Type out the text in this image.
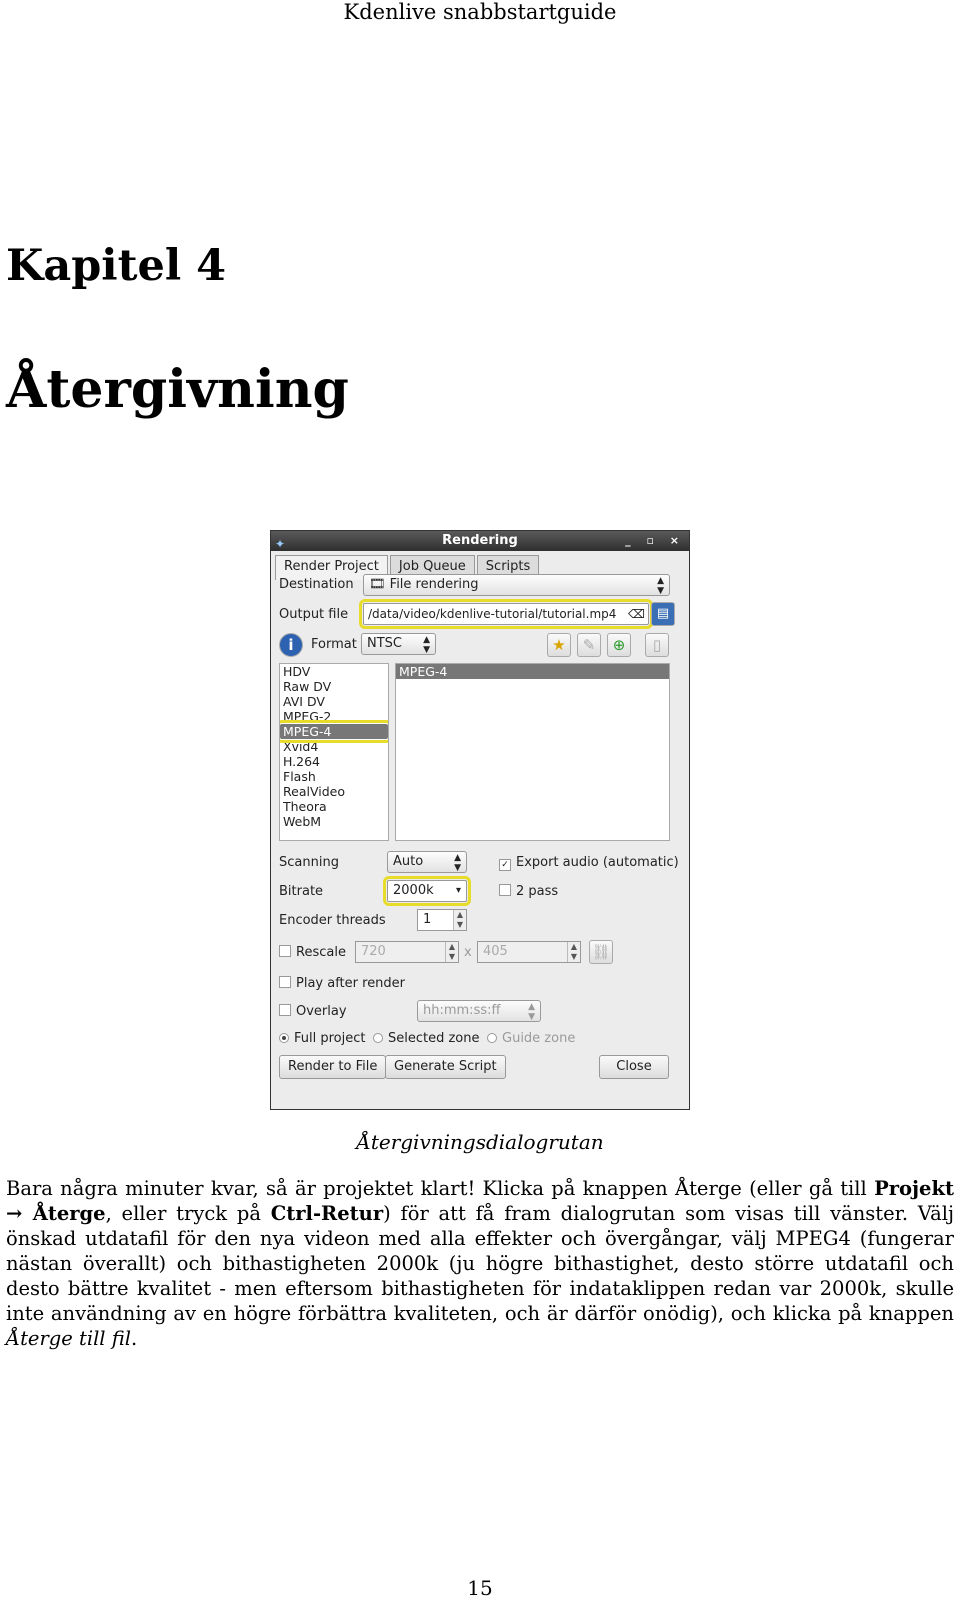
Kdenlive snabbstartguide
Kapitel 4
Återgivning
✦	Rendering	_ ▫ ×
Render Project	Job Queue	Scripts
Destination	🎞 File rendering	▲
▼
Output file	/data/video/kdenlive-tutorial/tutorial.mp4 ⌫ ▤
i	Format NTSC ▲
▼	★	✎	⊕	▯
HDV
Raw DV
AVI DV
MPEG-2
MPEG-4
Xvid4
H.264
Flash
RealVideo
Theora
WebM
MPEG-4
Scanning	Auto	▲
▼	✓ Export audio (automatic)
Bitrate	2000k ▾	2 pass
Encoder threads	1	▲
▼
Rescale	720	▲
▼ x 405	▲
▼ ⛓
Play after render
Overlay	hh:mm:ss:ff	▲
▼
Full project	Selected zone	Guide zone
Render to File	Generate Script	Close
Återgivningsdialogrutan
Bara några minuter kvar, så är projektet klart! Klicka på knappen Återge (eller gå till Projekt → Återge, eller tryck på Ctrl-Retur) för att få fram dialogrutan som visas till vänster. Välj önskad utdatafil för den nya videon med alla effekter och övergångar, välj MPEG4 (fungerar nästan överallt) och bithastigheten 2000k (ju högre bithastighet, desto större utdatafil och desto bättre kvalitet - men eftersom bithastigheten för indataklippen redan var 2000k, skulle inte användning av en högre förbättra kvaliteten, och är därför onödig), och klicka på knappen Återge till fil.
15
